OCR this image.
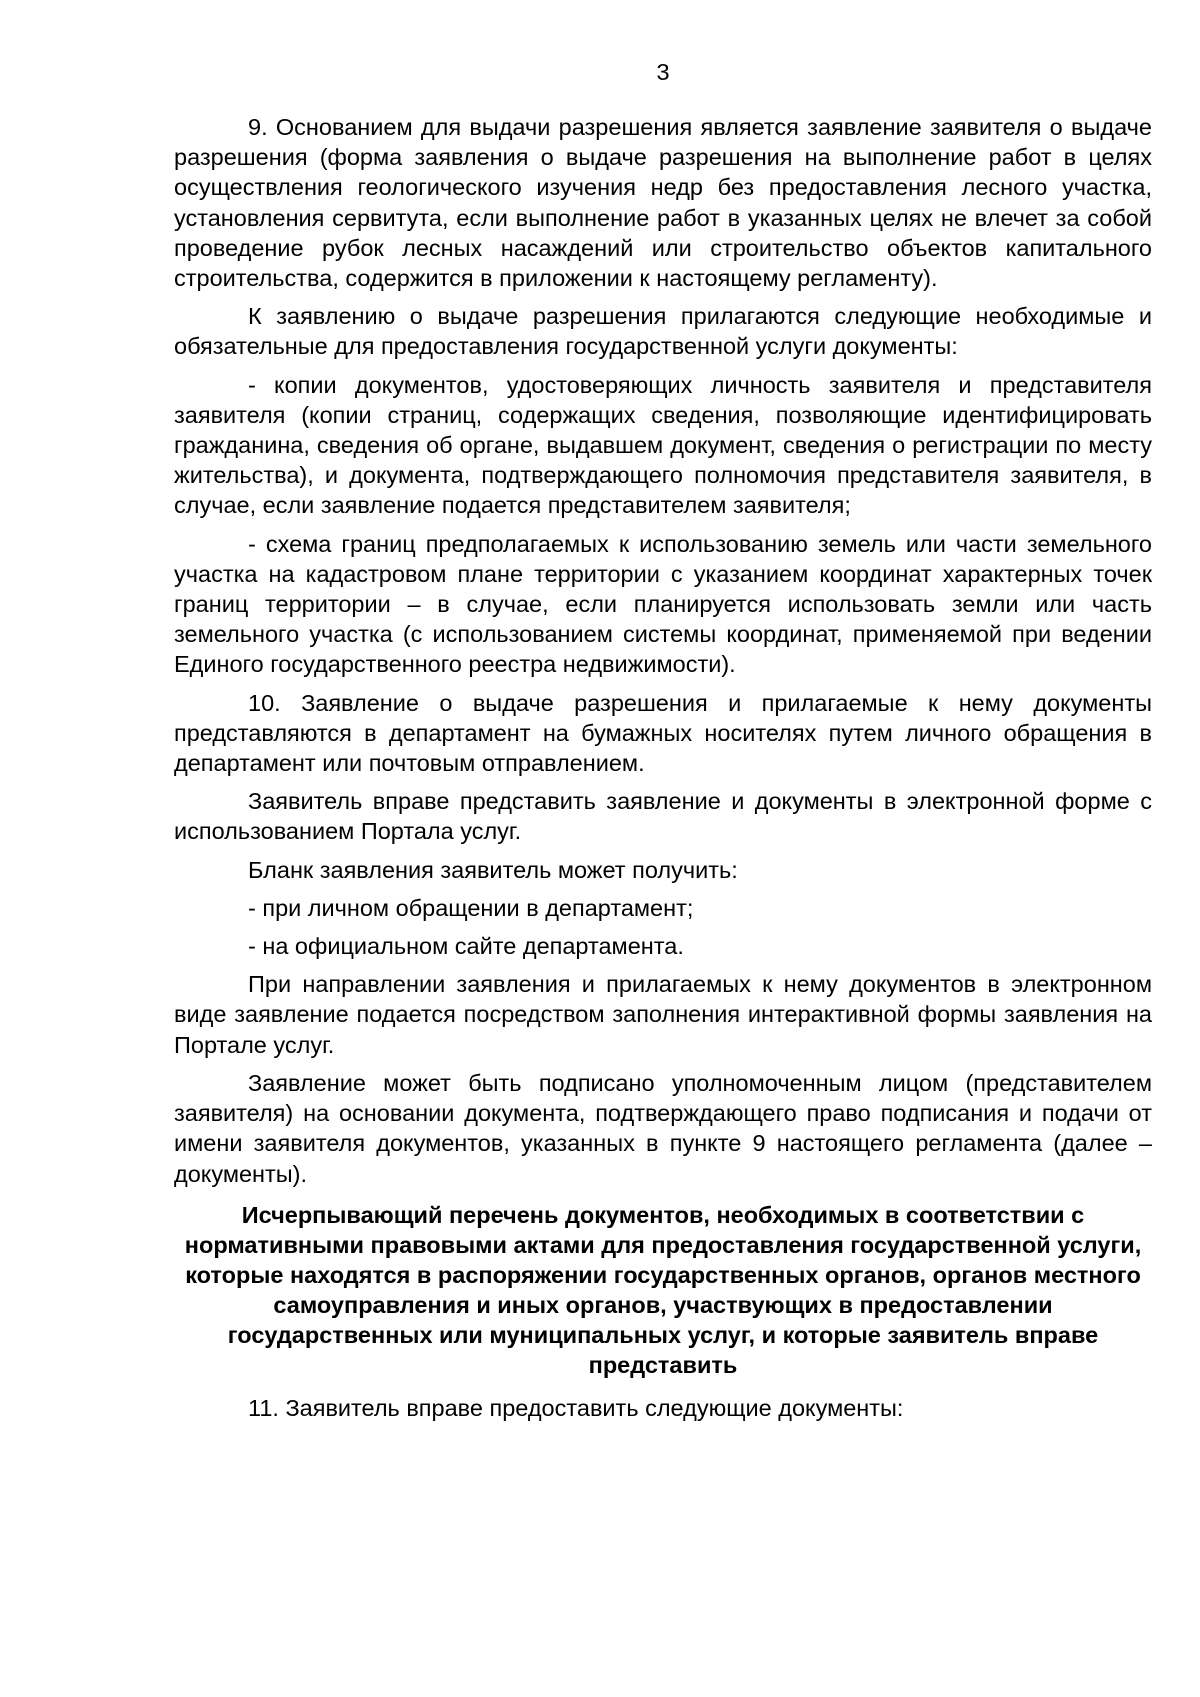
3

9. Основанием для выдачи разрешения является заявление заявителя о выдаче разрешения (форма заявления о выдаче разрешения на выполнение работ в целях осуществления геологического изучения недр без предоставления лесного участка, установления сервитута, если выполнение работ в указанных целях не влечет за собой проведение рубок лесных насаждений или строительство объектов капитального строительства, содержится в приложении к настоящему регламенту).

К заявлению о выдаче разрешения прилагаются следующие необходимые и обязательные для предоставления государственной услуги документы:

- копии документов, удостоверяющих личность заявителя и представителя заявителя (копии страниц, содержащих сведения, позволяющие идентифицировать гражданина, сведения об органе, выдавшем документ, сведения о регистрации по месту жительства), и документа, подтверждающего полномочия представителя заявителя, в случае, если заявление подается представителем заявителя;

- схема границ предполагаемых к использованию земель или части земельного участка на кадастровом плане территории с указанием координат характерных точек границ территории – в случае, если планируется использовать земли или часть земельного участка (с использованием системы координат, применяемой при ведении Единого государственного реестра недвижимости).

10. Заявление о выдаче разрешения и прилагаемые к нему документы представляются в департамент на бумажных носителях путем личного обращения в департамент или почтовым отправлением.

Заявитель вправе представить заявление и документы в электронной форме с использованием Портала услуг.

Бланк заявления заявитель может получить:

- при личном обращении в департамент;

- на официальном сайте департамента.

При направлении заявления и прилагаемых к нему документов в электронном виде заявление подается посредством заполнения интерактивной формы заявления на Портале услуг.

Заявление может быть подписано уполномоченным лицом (представителем заявителя) на основании документа, подтверждающего право подписания и подачи от имени заявителя документов, указанных в пункте 9 настоящего регламента (далее – документы).

Исчерпывающий перечень документов, необходимых в соответствии с нормативными правовыми актами для предоставления государственной услуги, которые находятся в распоряжении государственных органов, органов местного самоуправления и иных органов, участвующих в предоставлении государственных или муниципальных услуг, и которые заявитель вправе представить

11. Заявитель вправе предоставить следующие документы:
